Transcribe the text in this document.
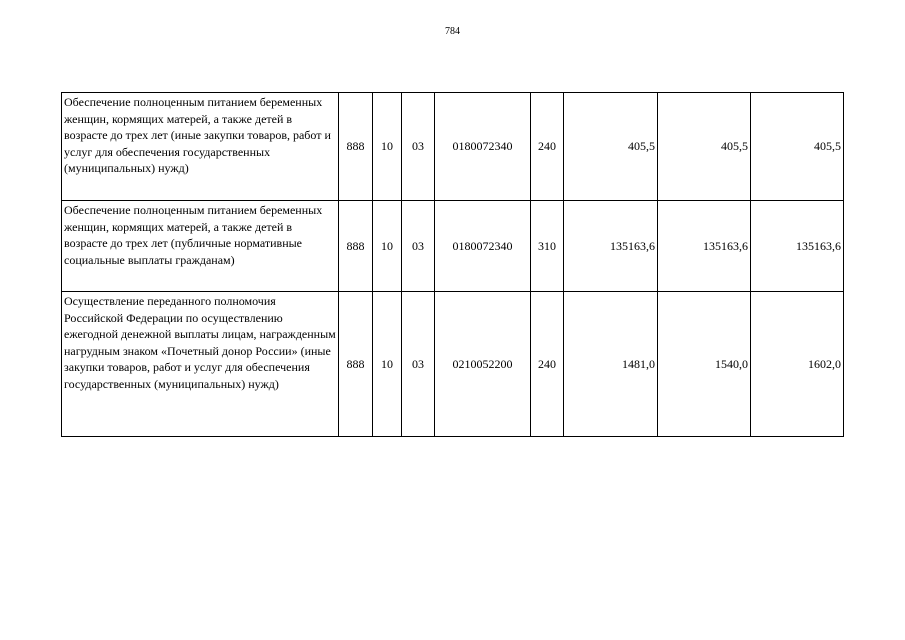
784
Обеспечение полноценным питанием беременных женщин, кормящих матерей, а также детей в возрасте до трех лет (иные закупки товаров, работ и услуг для обеспечения государственных (муниципальных) нужд)	888	10	03	0180072340	240	405,5	405,5	405,5
Обеспечение полноценным питанием беременных женщин, кормящих матерей, а также детей в возрасте до трех лет (публичные нормативные социальные выплаты гражданам)	888	10	03	0180072340	310	135163,6	135163,6	135163,6
Осуществление переданного полномочия Российской Федерации по осуществлению ежегодной денежной выплаты лицам, награжденным нагрудным знаком «Почетный донор России» (иные закупки товаров, работ и услуг для обеспечения государственных (муниципальных) нужд)	888	10	03	0210052200	240	1481,0	1540,0	1602,0
